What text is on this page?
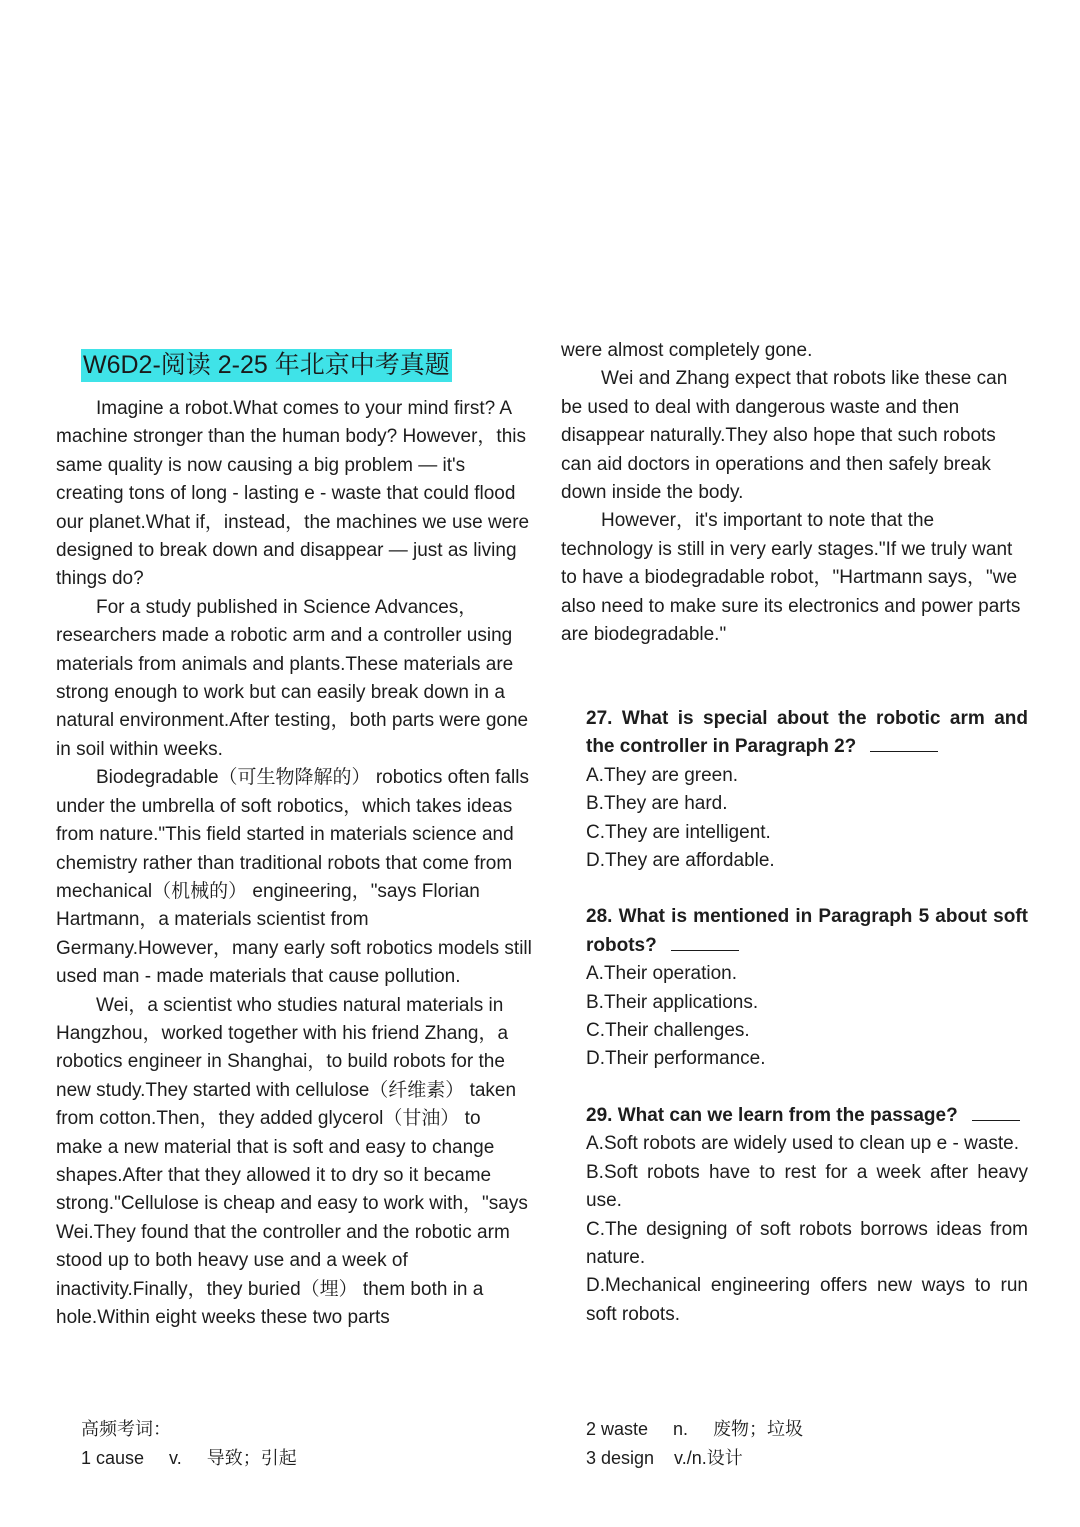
W6D2-阅读 2-25 年北京中考真题

Imagine a robot.What comes to your mind first? A machine stronger than the human body? However，this same quality is now causing a big problem — it's creating tons of long - lasting e - waste that could flood our planet.What if，instead，the machines we use were designed to break down and disappear — just as living things do?

For a study published in Science Advances，researchers made a robotic arm and a controller using materials from animals and plants.These materials are strong enough to work but can easily break down in a natural environment.After testing，both parts were gone in soil within weeks.

Biodegradable（可生物降解的） robotics often falls under the umbrella of soft robotics，which takes ideas from nature."This field started in materials science and chemistry rather than traditional robots that come from mechanical（机械的） engineering，"says Florian Hartmann，a materials scientist from Germany.However，many early soft robotics models still used man - made materials that cause pollution.

Wei，a scientist who studies natural materials in Hangzhou，worked together with his friend Zhang，a robotics engineer in Shanghai，to build robots for the new study.They started with cellulose（纤维素） taken from cotton.Then，they added glycerol（甘油） to make a new material that is soft and easy to change shapes.After that they allowed it to dry so it became strong."Cellulose is cheap and easy to work with，"says Wei.They found that the controller and the robotic arm stood up to both heavy use and a week of inactivity.Finally，they buried（埋） them both in a hole.Within eight weeks these two parts

were almost completely gone.

Wei and Zhang expect that robots like these can be used to deal with dangerous waste and then disappear naturally.They also hope that such robots can aid doctors in operations and then safely break down inside the body.

However，it's important to note that the technology is still in very early stages."If we truly want to have a biodegradable robot，"Hartmann says，"we also need to make sure its electronics and power parts are biodegradable."

27. What is special about the robotic arm and the controller in Paragraph 2?
A.They are green.
B.They are hard.
C.They are intelligent.
D.They are affordable.
28. What is mentioned in Paragraph 5 about soft robots?
A.Their operation.
B.Their applications.
C.Their challenges.
D.Their performance.
29. What can we learn from the passage?
A.Soft robots are widely used to clean up e - waste.
B.Soft robots have to rest for a week after heavy use.
C.The designing of soft robots borrows ideas from nature.
D.Mechanical engineering offers new ways to run soft robots.
高频考词：
1 cause     v.     导致；引起
2 waste     n.     废物；垃圾
3 design    v./n.设计
